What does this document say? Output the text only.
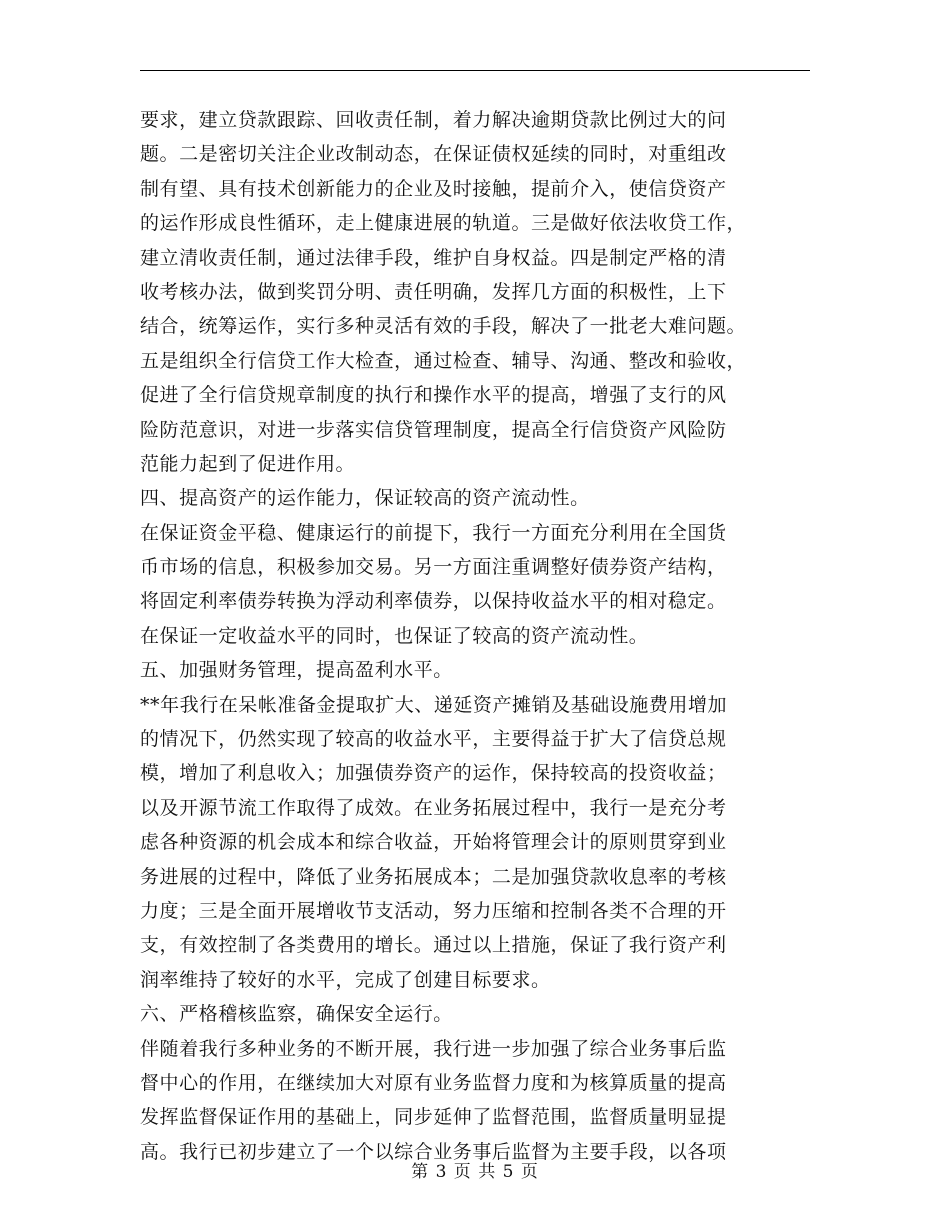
要求，建立贷款跟踪、回收责任制，着力解决逾期贷款比例过大的问
题。二是密切关注企业改制动态，在保证债权延续的同时，对重组改
制有望、具有技术创新能力的企业及时接触，提前介入，使信贷资产
的运作形成良性循环，走上健康进展的轨道。三是做好依法收贷工作，
建立清收责任制，通过法律手段，维护自身权益。四是制定严格的清
收考核办法，做到奖罚分明、责任明确，发挥几方面的积极性，上下
结合，统筹运作，实行多种灵活有效的手段，解决了一批老大难问题。
五是组织全行信贷工作大检查，通过检查、辅导、沟通、整改和验收，
促进了全行信贷规章制度的执行和操作水平的提高，增强了支行的风
险防范意识，对进一步落实信贷管理制度，提高全行信贷资产风险防
范能力起到了促进作用。
四、提高资产的运作能力，保证较高的资产流动性。
在保证资金平稳、健康运行的前提下，我行一方面充分利用在全国货
币市场的信息，积极参加交易。另一方面注重调整好债券资产结构，
将固定利率债券转换为浮动利率债券，以保持收益水平的相对稳定。
在保证一定收益水平的同时，也保证了较高的资产流动性。
五、加强财务管理，提高盈利水平。
**年我行在呆帐准备金提取扩大、递延资产摊销及基础设施费用增加
的情况下，仍然实现了较高的收益水平，主要得益于扩大了信贷总规
模，增加了利息收入；加强债券资产的运作，保持较高的投资收益；
以及开源节流工作取得了成效。在业务拓展过程中，我行一是充分考
虑各种资源的机会成本和综合收益，开始将管理会计的原则贯穿到业
务进展的过程中，降低了业务拓展成本；二是加强贷款收息率的考核
力度；三是全面开展增收节支活动，努力压缩和控制各类不合理的开
支，有效控制了各类费用的增长。通过以上措施，保证了我行资产利
润率维持了较好的水平，完成了创建目标要求。
六、严格稽核监察，确保安全运行。
伴随着我行多种业务的不断开展，我行进一步加强了综合业务事后监
督中心的作用，在继续加大对原有业务监督力度和为核算质量的提高
发挥监督保证作用的基础上，同步延伸了监督范围，监督质量明显提
高。我行已初步建立了一个以综合业务事后监督为主要手段，以各项
第 3 页 共 5 页
